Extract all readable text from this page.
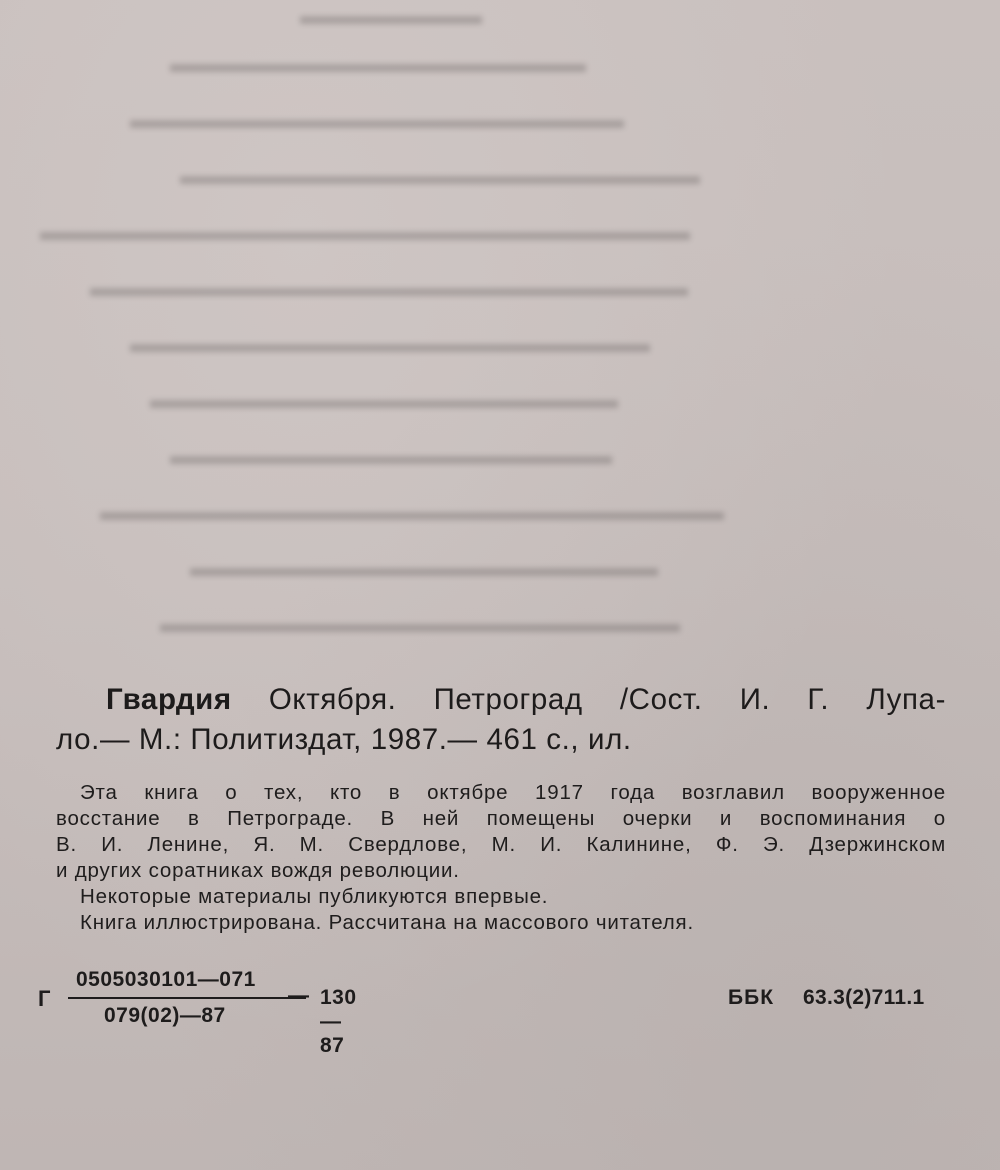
▬▬▬▬▬▬▬
▬▬▬▬▬▬▬▬▬▬▬▬▬▬▬▬
▬▬▬▬▬▬▬▬▬▬▬▬▬▬▬▬▬▬▬
▬▬▬▬▬▬▬▬▬▬▬▬▬▬▬▬▬▬▬▬
▬▬▬▬▬▬▬▬▬▬▬▬▬▬▬▬▬▬▬▬▬▬▬▬▬
▬▬▬▬▬▬▬▬▬▬▬▬▬▬▬▬▬▬▬▬▬▬▬
▬▬▬▬▬▬▬▬▬▬▬▬▬▬▬▬▬▬▬▬
▬▬▬▬▬▬▬▬▬▬▬▬▬▬▬▬▬▬
▬▬▬▬▬▬▬▬▬▬▬▬▬▬▬▬▬
▬▬▬▬▬▬▬▬▬▬▬▬▬▬▬▬▬▬▬▬▬▬▬▬
▬▬▬▬▬▬▬▬▬▬▬▬▬▬▬▬▬▬
▬▬▬▬▬▬▬▬▬▬▬▬▬▬▬▬▬▬▬▬
Гвардия Октября. Петроград /Сост. И. Г. Лупа-
ло.— М.: Политиздат, 1987.— 461 с., ил.

Эта книга о тех, кто в октябре 1917 года возглавил вооруженное
восстание в Петрограде. В ней помещены очерки и воспоминания о
В. И. Ленине, Я. М. Свердлове, М. И. Калинине, Ф. Э. Дзержинском
и других соратниках вождя революции.

Некоторые материалы публикуются впервые.

Книга иллюстрирована. Рассчитана на массового читателя.

Г
0505030101—071
079(02)—87
— 130—87
ББК 63.3(2)711.1
